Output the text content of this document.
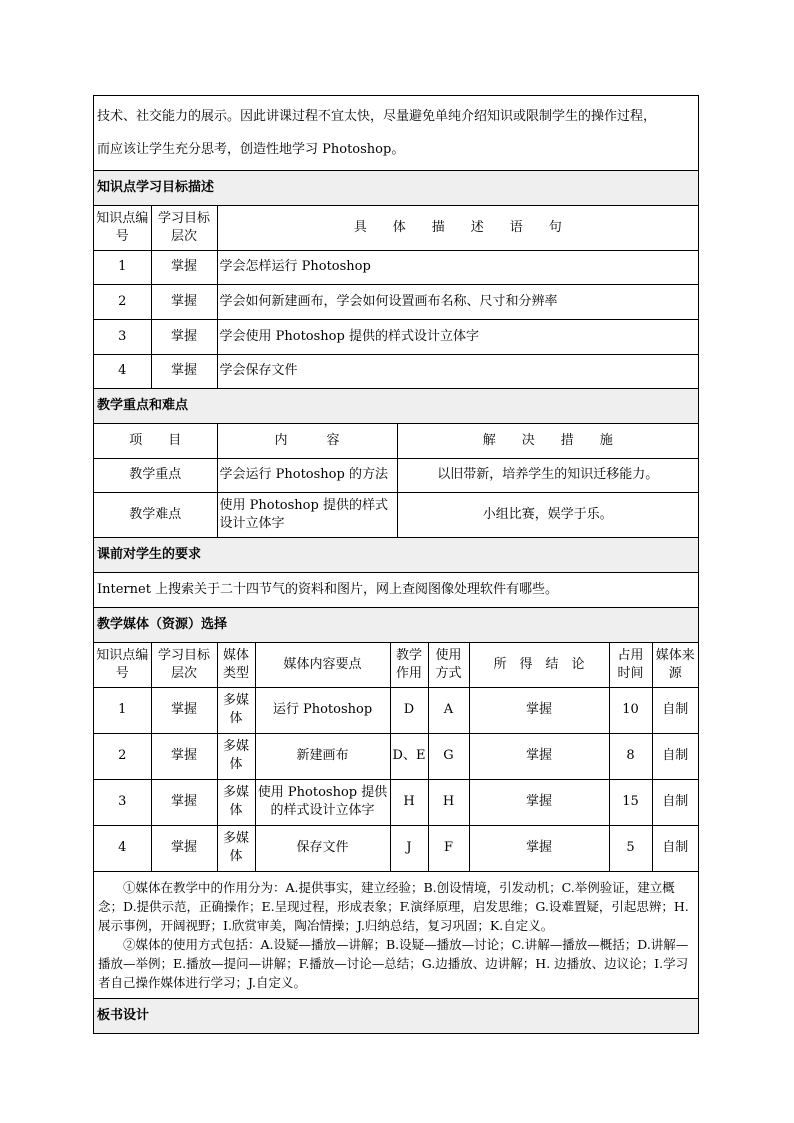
技术、社交能力的展示。因此讲课过程不宜太快，尽量避免单纯介绍知识或限制学生的操作过程，
而应该让学生充分思考，创造性地学习 Photoshop。
知识点学习目标描述
知识点编　号	学习目标层次	具　　体　　描　　述　　语　　句
1	掌握	学会怎样运行 Photoshop
2	掌握	学会如何新建画布，学会如何设置画布名称、尺寸和分辨率
3	掌握	学会使用 Photoshop 提供的样式设计立体字
4	掌握	学会保存文件
教学重点和难点
项　　目	内　　　容	解　　决　　措　　施
教学重点	学会运行 Photoshop 的方法	以旧带新，培养学生的知识迁移能力。
教学难点	使用 Photoshop 提供的样式设计立体字	小组比赛，娱学于乐。
课前对学生的要求
Internet 上搜索关于二十四节气的资料和图片，网上查阅图像处理软件有哪些。
教学媒体（资源）选择
知识点编　号	学习目标层次	媒体类型	媒体内容要点	教学作用	使用方式	所　得　结　论	占用时间	媒体来源
1	掌握	多媒体	运行 Photoshop	D	A	掌握	10	自制
2	掌握	多媒体	新建画布	D、E	G	掌握	8	自制
3	掌握	多媒体	使用 Photoshop 提供的样式设计立体字	H	H	掌握	15	自制
4	掌握	多媒体	保存文件	J	F	掌握	5	自制

①媒体在教学中的作用分为：A.提供事实，建立经验；B.创设情境，引发动机；C.举例验证，建立概念；D.提供示范，正确操作；E.呈现过程，形成表象；F.演绎原理，启发思维；G.设难置疑，引起思辨；H.展示事例，开阔视野；I.欣赏审美，陶冶情操；J.归纳总结，复习巩固；K.自定义。

②媒体的使用方式包括：A.设疑—播放—讲解；B.设疑—播放—讨论；C.讲解—播放—概括；D.讲解—播放—举例；E.播放—提问—讲解；F.播放—讨论—总结；G.边播放、边讲解；H. 边播放、边议论；I.学习者自己操作媒体进行学习；J.自定义。

板书设计
